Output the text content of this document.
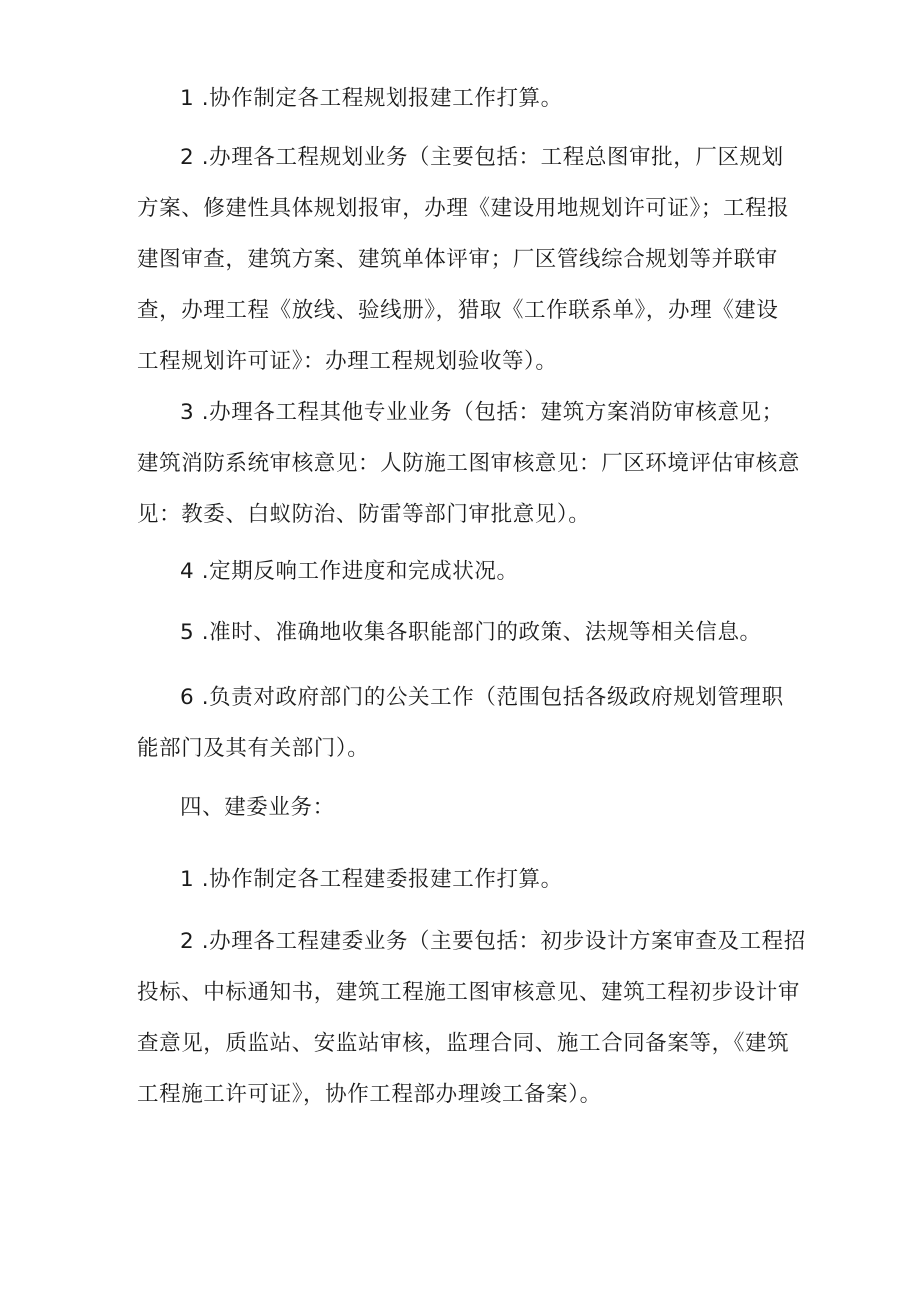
1 .协作制定各工程规划报建工作打算。
2 .办理各工程规划业务（主要包括：工程总图审批，厂区规划
方案、修建性具体规划报审，办理《建设用地规划许可证》；工程报
建图审查，建筑方案、建筑单体评审；厂区管线综合规划等并联审
查，办理工程《放线、验线册》，猎取《工作联系单》，办理《建设
工程规划许可证》：办理工程规划验收等）。
3 .办理各工程其他专业业务（包括：建筑方案消防审核意见；
建筑消防系统审核意见：人防施工图审核意见：厂区环境评估审核意
见：教委、白蚁防治、防雷等部门审批意见）。
4 .定期反响工作进度和完成状况。
5 .准时、准确地收集各职能部门的政策、法规等相关信息。
6 .负责对政府部门的公关工作（范围包括各级政府规划管理职
能部门及其有关部门）。
四、建委业务：
1 .协作制定各工程建委报建工作打算。
2 .办理各工程建委业务（主要包括：初步设计方案审查及工程招
投标、中标通知书，建筑工程施工图审核意见、建筑工程初步设计审
查意见，质监站、安监站审核，监理合同、施工合同备案等，《建筑
工程施工许可证》，协作工程部办理竣工备案）。
